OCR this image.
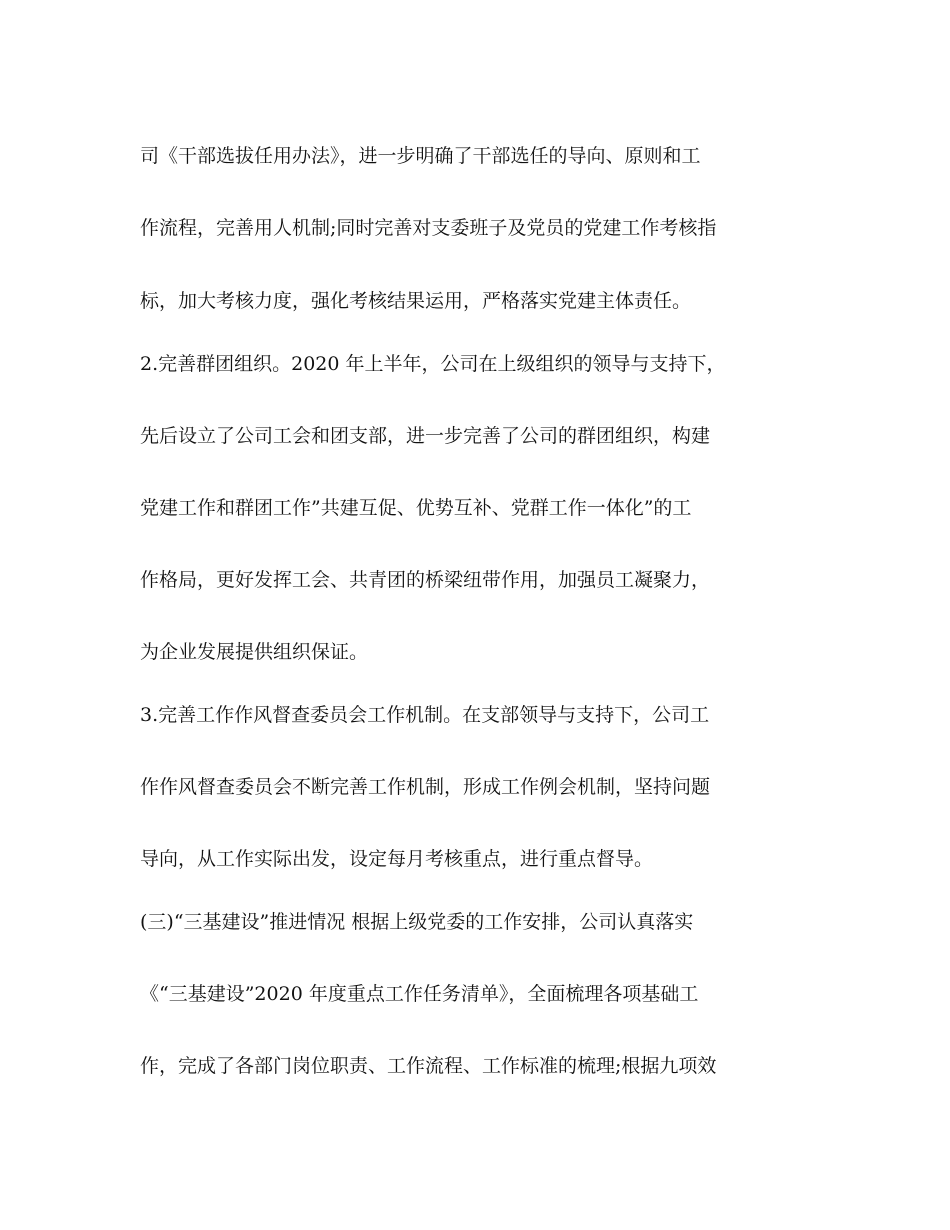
司《干部选拔任用办法》，进一步明确了干部选任的导向、原则和工
作流程，完善用人机制;同时完善对支委班子及党员的党建工作考核指
标，加大考核力度，强化考核结果运用，严格落实党建主体责任。
2.完善群团组织。2020 年上半年，公司在上级组织的领导与支持下，
先后设立了公司工会和团支部，进一步完善了公司的群团组织，构建
党建工作和群团工作”共建互促、优势互补、党群工作一体化”的工
作格局，更好发挥工会、共青团的桥梁纽带作用，加强员工凝聚力，
为企业发展提供组织保证。
3.完善工作作风督查委员会工作机制。在支部领导与支持下，公司工
作作风督查委员会不断完善工作机制，形成工作例会机制，坚持问题
导向，从工作实际出发，设定每月考核重点，进行重点督导。
(三)“三基建设”推进情况 根据上级党委的工作安排，公司认真落实
《“三基建设”2020 年度重点工作任务清单》，全面梳理各项基础工
作，完成了各部门岗位职责、工作流程、工作标准的梳理;根据九项效
